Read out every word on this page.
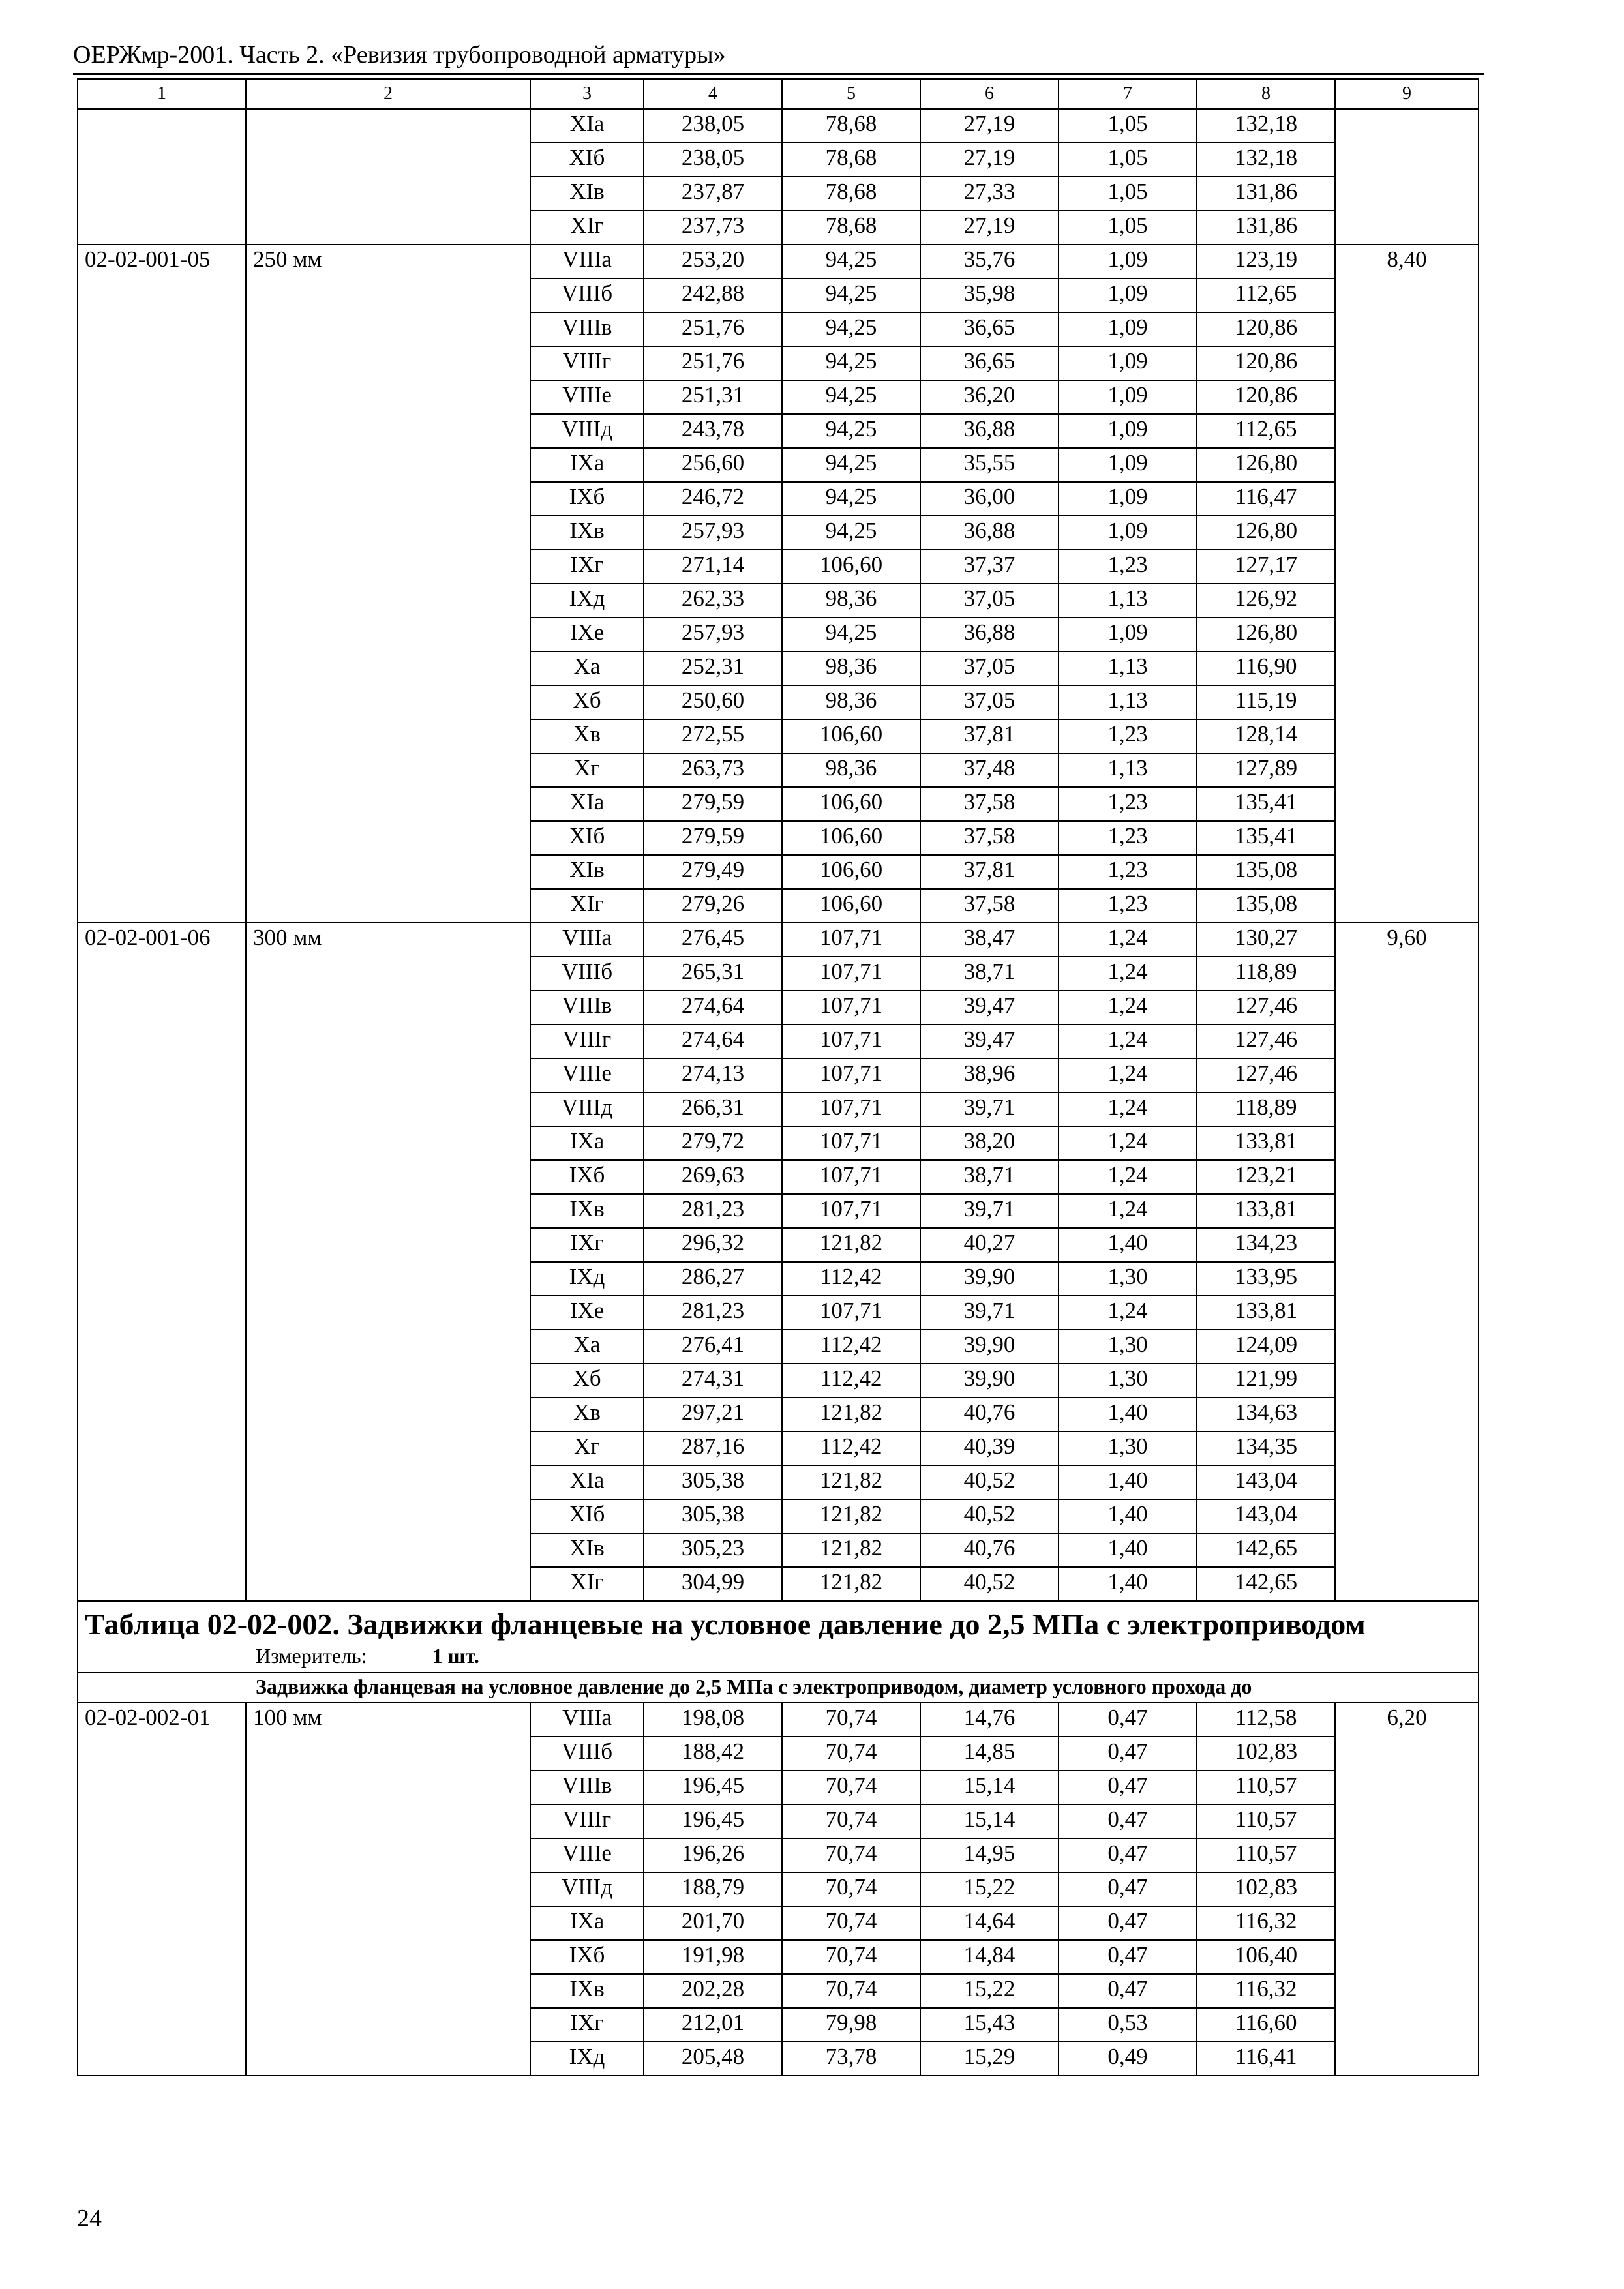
ОЕРЖмр-2001. Часть 2. «Ревизия трубопроводной арматуры»
1	2	3	4	5	6	7	8	9
		XIа	238,05	78,68	27,19	1,05	132,18	
		XIб	238,05	78,68	27,19	1,05	132,18	
		XIв	237,87	78,68	27,33	1,05	131,86	
		XIг	237,73	78,68	27,19	1,05	131,86	
02-02-001-05	250 мм	VIIIа	253,20	94,25	35,76	1,09	123,19	8,40
		VIIIб	242,88	94,25	35,98	1,09	112,65	
		VIIIв	251,76	94,25	36,65	1,09	120,86	
		VIIIг	251,76	94,25	36,65	1,09	120,86	
		VIIIе	251,31	94,25	36,20	1,09	120,86	
		VIIIд	243,78	94,25	36,88	1,09	112,65	
		IXа	256,60	94,25	35,55	1,09	126,80	
		IXб	246,72	94,25	36,00	1,09	116,47	
		IXв	257,93	94,25	36,88	1,09	126,80	
		IXг	271,14	106,60	37,37	1,23	127,17	
		IXд	262,33	98,36	37,05	1,13	126,92	
		IXе	257,93	94,25	36,88	1,09	126,80	
		Xа	252,31	98,36	37,05	1,13	116,90	
		Xб	250,60	98,36	37,05	1,13	115,19	
		Xв	272,55	106,60	37,81	1,23	128,14	
		Xг	263,73	98,36	37,48	1,13	127,89	
		XIа	279,59	106,60	37,58	1,23	135,41	
		XIб	279,59	106,60	37,58	1,23	135,41	
		XIв	279,49	106,60	37,81	1,23	135,08	
		XIг	279,26	106,60	37,58	1,23	135,08	
02-02-001-06	300 мм	VIIIа	276,45	107,71	38,47	1,24	130,27	9,60
		VIIIб	265,31	107,71	38,71	1,24	118,89	
		VIIIв	274,64	107,71	39,47	1,24	127,46	
		VIIIг	274,64	107,71	39,47	1,24	127,46	
		VIIIе	274,13	107,71	38,96	1,24	127,46	
		VIIIд	266,31	107,71	39,71	1,24	118,89	
		IXа	279,72	107,71	38,20	1,24	133,81	
		IXб	269,63	107,71	38,71	1,24	123,21	
		IXв	281,23	107,71	39,71	1,24	133,81	
		IXг	296,32	121,82	40,27	1,40	134,23	
		IXд	286,27	112,42	39,90	1,30	133,95	
		IXе	281,23	107,71	39,71	1,24	133,81	
		Xа	276,41	112,42	39,90	1,30	124,09	
		Xб	274,31	112,42	39,90	1,30	121,99	
		Xв	297,21	121,82	40,76	1,40	134,63	
		Xг	287,16	112,42	40,39	1,30	134,35	
		XIа	305,38	121,82	40,52	1,40	143,04	
		XIб	305,38	121,82	40,52	1,40	143,04	
		XIв	305,23	121,82	40,76	1,40	142,65	
		XIг	304,99	121,82	40,52	1,40	142,65	

Таблица 02-02-002. Задвижки фланцевые на условное давление до 2,5 МПа с электроприводом
Измеритель: 1 шт.								

Задвижка фланцевая на условное давление до 2,5 МПа с электроприводом, диаметр условного прохода до								

02-02-002-01	100 мм	VIIIа	198,08	70,74	14,76	0,47	112,58	6,20
		VIIIб	188,42	70,74	14,85	0,47	102,83	
		VIIIв	196,45	70,74	15,14	0,47	110,57	
		VIIIг	196,45	70,74	15,14	0,47	110,57	
		VIIIе	196,26	70,74	14,95	0,47	110,57	
		VIIIд	188,79	70,74	15,22	0,47	102,83	
		IXа	201,70	70,74	14,64	0,47	116,32	
		IXб	191,98	70,74	14,84	0,47	106,40	
		IXв	202,28	70,74	15,22	0,47	116,32	
		IXг	212,01	79,98	15,43	0,53	116,60	
		IXд	205,48	73,78	15,29	0,49	116,41	
24
